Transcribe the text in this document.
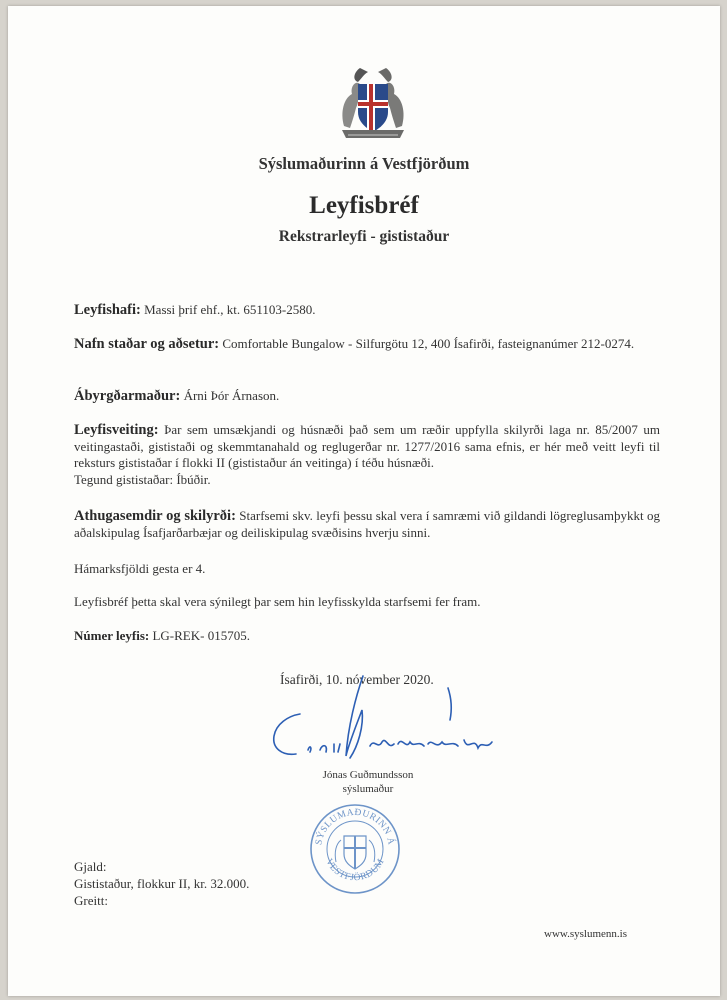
Sýslumaðurinn á Vestfjörðum
Leyfisbréf
Rekstrarleyfi - gististaður
Leyfishafi: Massi þrif ehf., kt. 651103-2580.
Nafn staðar og aðsetur: Comfortable Bungalow - Silfurgötu 12, 400 Ísafirði, fasteignanúmer 212-0274.
Ábyrgðarmaður: Árni Þór Árnason.
Leyfisveiting: Þar sem umsækjandi og húsnæði það sem um ræðir uppfylla skilyrði laga nr. 85/2007 um veitingastaði, gististaði og skemmtanahald og reglugerðar nr. 1277/2016 sama efnis, er hér með veitt leyfi til reksturs gististaðar í flokki II (gististaður án veitinga) í téðu húsnæði.
Tegund gististaðar: Íbúðir.
Athugasemdir og skilyrði: Starfsemi skv. leyfi þessu skal vera í samræmi við gildandi lögreglusamþykkt og aðalskipulag Ísafjarðarbæjar og deiliskipulag svæðisins hverju sinni.
Hámarksfjöldi gesta er 4.
Leyfisbréf þetta skal vera sýnilegt þar sem hin leyfisskylda starfsemi fer fram.
Númer leyfis: LG-REK- 015705.
Ísafirði, 10. nóvember 2020.
Jónas Guðmundsson
sýslumaður
SÝSLUMAÐURINN Á
VESTFJÖRÐUM
Gjald:
Gististaður, flokkur II, kr. 32.000.
Greitt:
www.syslumenn.is
